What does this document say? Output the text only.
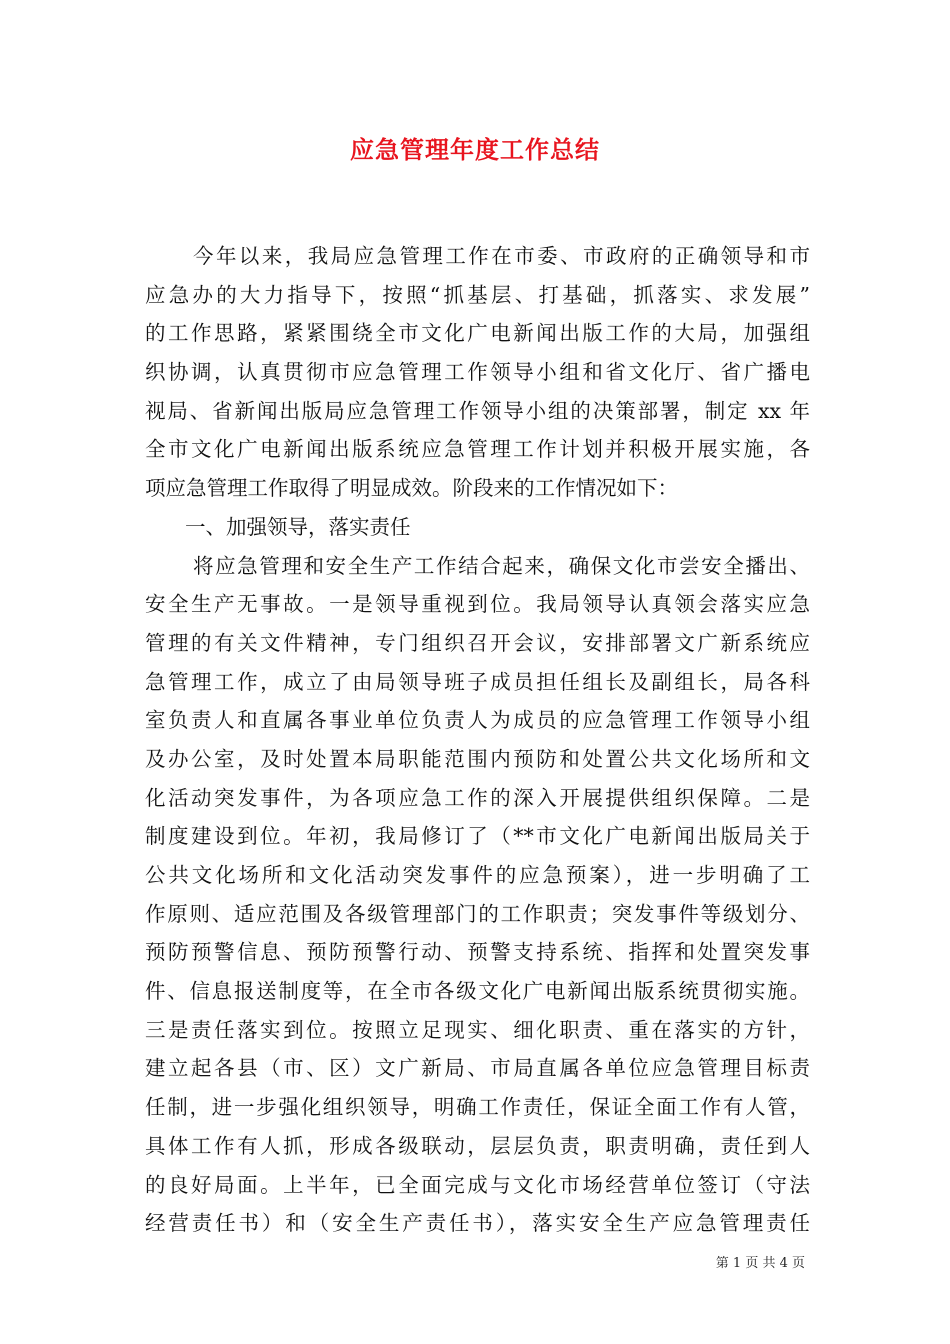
应急管理年度工作总结
今年以来，我局应急管理工作在市委、市政府的正确领导和市
应急办的大力指导下，按照“抓基层、打基础，抓落实、求发展”
的工作思路，紧紧围绕全市文化广电新闻出版工作的大局，加强组
织协调，认真贯彻市应急管理工作领导小组和省文化厅、省广播电
视局、省新闻出版局应急管理工作领导小组的决策部署，制定 xx 年
全市文化广电新闻出版系统应急管理工作计划并积极开展实施，各
项应急管理工作取得了明显成效。阶段来的工作情况如下：
一、加强领导，落实责任
将应急管理和安全生产工作结合起来，确保文化市尝安全播出、
安全生产无事故。一是领导重视到位。我局领导认真领会落实应急
管理的有关文件精神，专门组织召开会议，安排部署文广新系统应
急管理工作，成立了由局领导班子成员担任组长及副组长，局各科
室负责人和直属各事业单位负责人为成员的应急管理工作领导小组
及办公室，及时处置本局职能范围内预防和处置公共文化场所和文
化活动突发事件，为各项应急工作的深入开展提供组织保障。二是
制度建设到位。年初，我局修订了（**市文化广电新闻出版局关于
公共文化场所和文化活动突发事件的应急预案），进一步明确了工
作原则、适应范围及各级管理部门的工作职责；突发事件等级划分、
预防预警信息、预防预警行动、预警支持系统、指挥和处置突发事
件、信息报送制度等，在全市各级文化广电新闻出版系统贯彻实施。
三是责任落实到位。按照立足现实、细化职责、重在落实的方针，
建立起各县（市、区）文广新局、市局直属各单位应急管理目标责
任制，进一步强化组织领导，明确工作责任，保证全面工作有人管，
具体工作有人抓，形成各级联动，层层负责，职责明确，责任到人
的良好局面。上半年，已全面完成与文化市场经营单位签订（守法
经营责任书）和（安全生产责任书），落实安全生产应急管理责任
第 1 页 共 4 页
